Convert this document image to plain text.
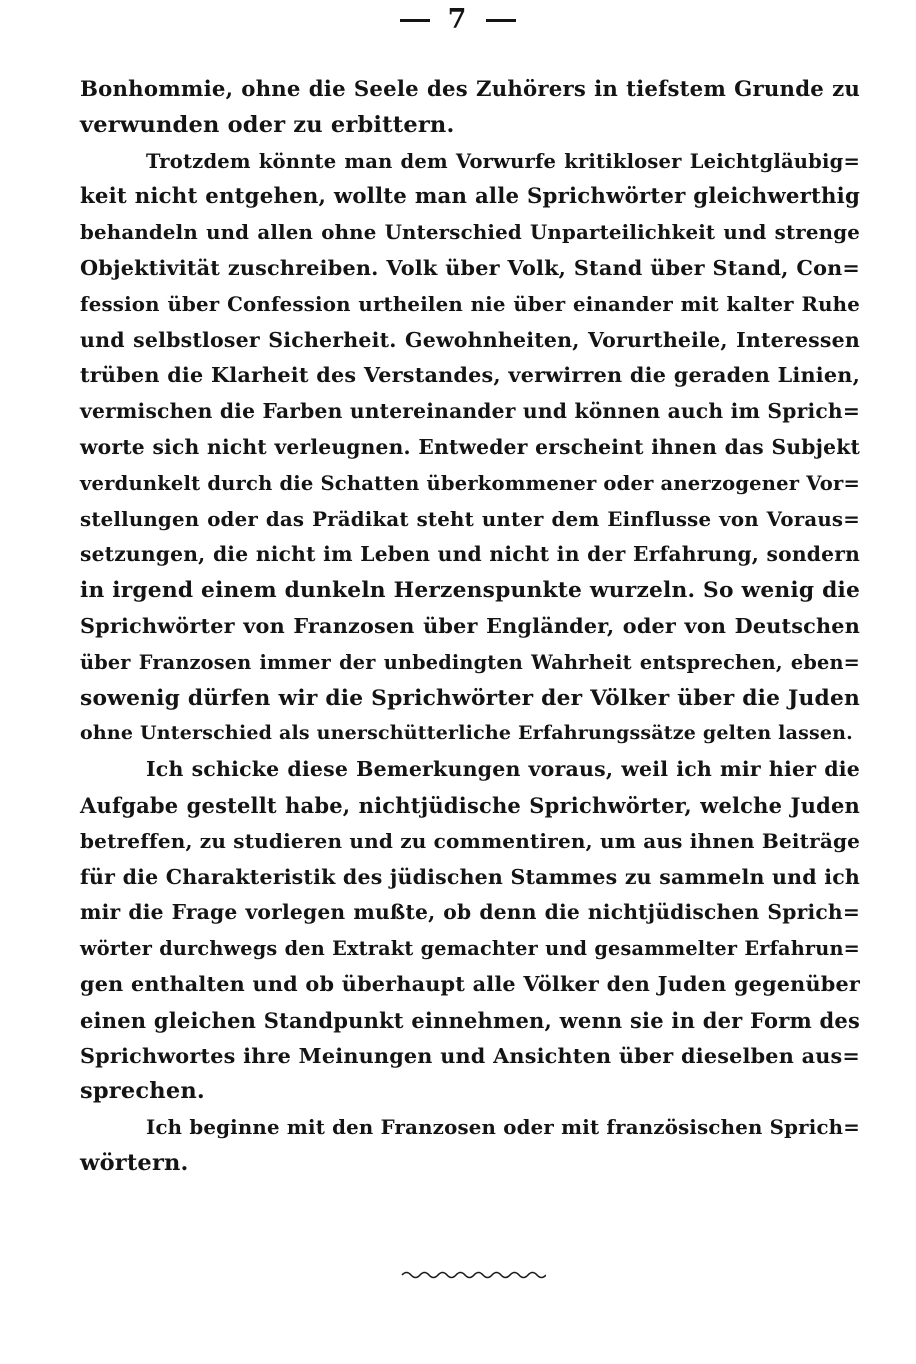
7
Bonhommie, ohne die Seele des Zuhörers in tiefstem Grunde zu
verwunden oder zu erbittern.
Trotzdem könnte man dem Vorwurfe kritikloser Leichtgläubig=
keit nicht entgehen, wollte man alle Sprichwörter gleichwerthig
behandeln und allen ohne Unterschied Unparteilichkeit und strenge
Objektivität zuschreiben. Volk über Volk, Stand über Stand, Con=
fession über Confession urtheilen nie über einander mit kalter Ruhe
und selbstloser Sicherheit. Gewohnheiten, Vorurtheile, Interessen
trüben die Klarheit des Verstandes, verwirren die geraden Linien,
vermischen die Farben untereinander und können auch im Sprich=
worte sich nicht verleugnen. Entweder erscheint ihnen das Subjekt
verdunkelt durch die Schatten überkommener oder anerzogener Vor=
stellungen oder das Prädikat steht unter dem Einflusse von Voraus=
setzungen, die nicht im Leben und nicht in der Erfahrung, sondern
in irgend einem dunkeln Herzenspunkte wurzeln. So wenig die
Sprichwörter von Franzosen über Engländer, oder von Deutschen
über Franzosen immer der unbedingten Wahrheit entsprechen, eben=
sowenig dürfen wir die Sprichwörter der Völker über die Juden
ohne Unterschied als unerschütterliche Erfahrungssätze gelten lassen.
Ich schicke diese Bemerkungen voraus, weil ich mir hier die
Aufgabe gestellt habe, nichtjüdische Sprichwörter, welche Juden
betreffen, zu studieren und zu commentiren, um aus ihnen Beiträge
für die Charakteristik des jüdischen Stammes zu sammeln und ich
mir die Frage vorlegen mußte, ob denn die nichtjüdischen Sprich=
wörter durchwegs den Extrakt gemachter und gesammelter Erfahrun=
gen enthalten und ob überhaupt alle Völker den Juden gegenüber
einen gleichen Standpunkt einnehmen, wenn sie in der Form des
Sprichwortes ihre Meinungen und Ansichten über dieselben aus=
sprechen.
Ich beginne mit den Franzosen oder mit französischen Sprich=
wörtern.
